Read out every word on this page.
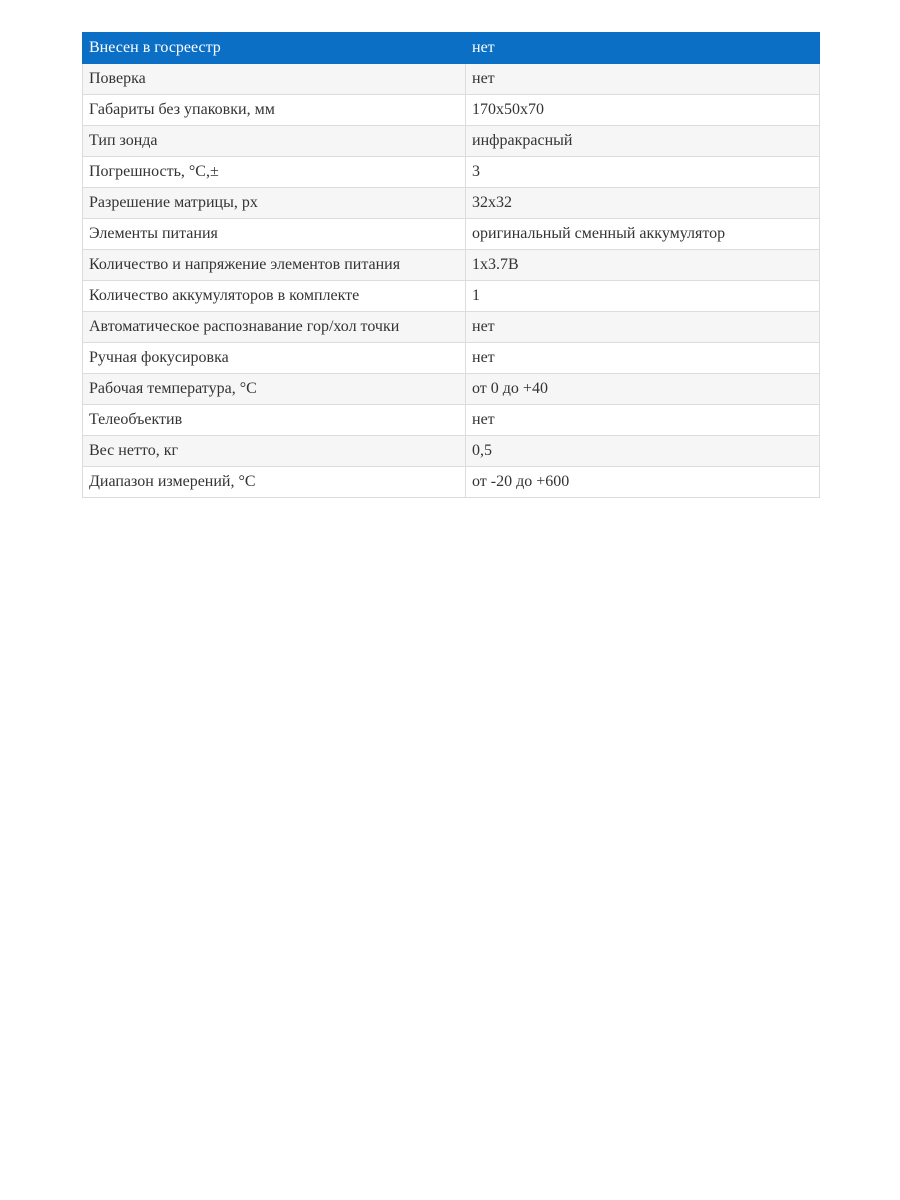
Внесен в госреестр	нет
Поверка	нет
Габариты без упаковки, мм	170x50x70
Тип зонда	инфракрасный
Погрешность, °C,±	3
Разрешение матрицы, px	32x32
Элементы питания	оригинальный сменный аккумулятор
Количество и напряжение элементов питания	1x3.7В
Количество аккумуляторов в комплекте	1
Автоматическое распознавание гор/хол точки	нет
Ручная фокусировка	нет
Рабочая температура, °C	от 0 до +40
Телеобъектив	нет
Вес нетто, кг	0,5
Диапазон измерений, °C	от -20 до +600
